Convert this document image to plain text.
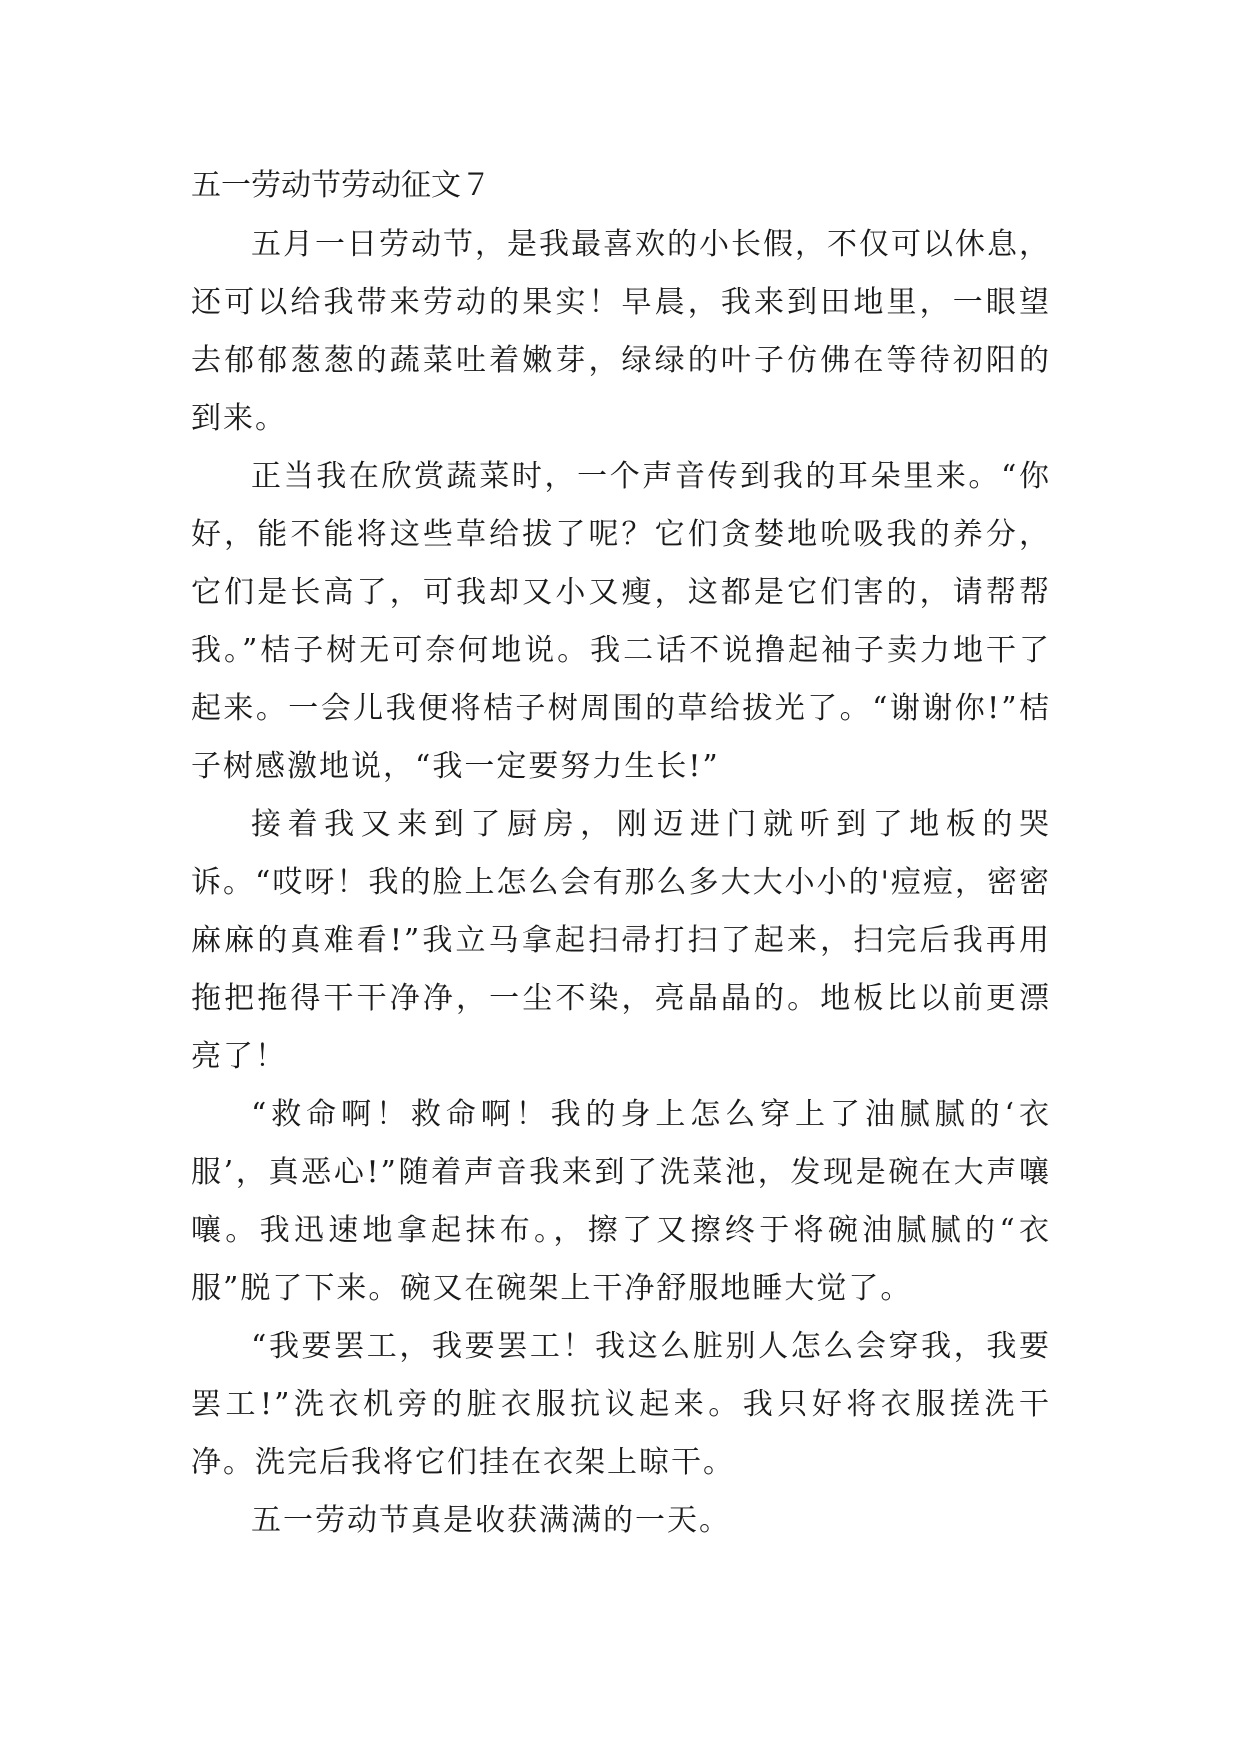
五一劳动节劳动征文７

五月一日劳动节，是我最喜欢的小长假，不仅可以休息，还可以给我带来劳动的果实！早晨，我来到田地里，一眼望去郁郁葱葱的蔬菜吐着嫩芽，绿绿的叶子仿佛在等待初阳的到来。

正当我在欣赏蔬菜时，一个声音传到我的耳朵里来。“你好，能不能将这些草给拔了呢？它们贪婪地吮吸我的养分，它们是长高了，可我却又小又瘦，这都是它们害的，请帮帮我。”桔子树无可奈何地说。我二话不说撸起袖子卖力地干了起来。一会儿我便将桔子树周围的草给拔光了。“谢谢你!”桔子树感激地说，“我一定要努力生长!”

接着我又来到了厨房，刚迈进门就听到了地板的哭诉。“哎呀！我的脸上怎么会有那么多大大小小的'痘痘，密密麻麻的真难看!”我立马拿起扫帚打扫了起来，扫完后我再用拖把拖得干干净净，一尘不染，亮晶晶的。地板比以前更漂亮了！

“救命啊！救命啊！我的身上怎么穿上了油腻腻的‘衣服’，真恶心!”随着声音我来到了洗菜池，发现是碗在大声嚷嚷。我迅速地拿起抹布。，擦了又擦终于将碗油腻腻的“衣服”脱了下来。碗又在碗架上干净舒服地睡大觉了。

“我要罢工，我要罢工！我这么脏别人怎么会穿我，我要罢工!”洗衣机旁的脏衣服抗议起来。我只好将衣服搓洗干净。洗完后我将它们挂在衣架上晾干。

五一劳动节真是收获满满的一天。
